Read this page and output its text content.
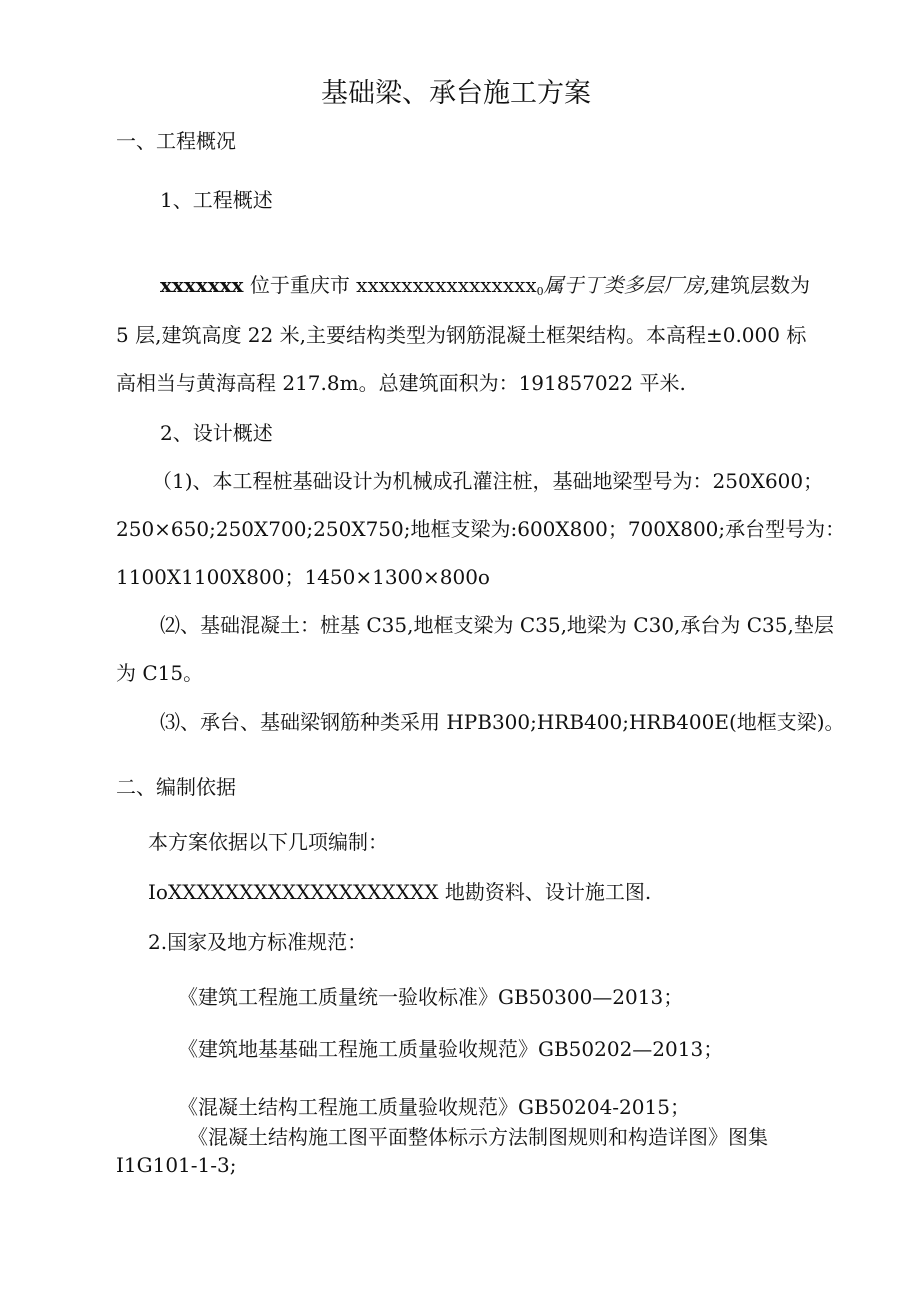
基础梁、承台施工方案
一、工程概况
1、工程概述
xxxxxxx 位于重庆市 xxxxxxxxxxxxxxxx$_0$属于丁类多层厂房,建筑层数为
5 层,建筑高度 22 米,主要结构类型为钢筋混凝土框架结构。本高程±0.000 标
高相当与黄海高程 217.8m。总建筑面积为：191857022 平米.
2、设计概述
（1)、本工程桩基础设计为机械成孔灌注桩，基础地梁型号为：250X600；
250×650;250X700;250X750;地框支梁为:600X800；700X800;承台型号为：
1100X1100X800；1450×1300×800o
⑵、基础混凝土：桩基 C35,地框支梁为 C35,地梁为 C30,承台为 C35,垫层
为 C15。
⑶、承台、基础梁钢筋种类采用 HPB300;HRB400;HRB400E(地框支梁)。
二、编制依据
本方案依据以下几项编制：
IoXXXXXXXXXXXXXXXXXXX 地勘资料、设计施工图.
2.国家及地方标准规范：
《建筑工程施工质量统一验收标准》GB50300—2013；
《建筑地基基础工程施工质量验收规范》GB50202—2013；
《混凝土结构工程施工质量验收规范》GB50204-2015；
《混凝土结构施工图平面整体标示方法制图规则和构造详图》图集
I1G101-1-3;
